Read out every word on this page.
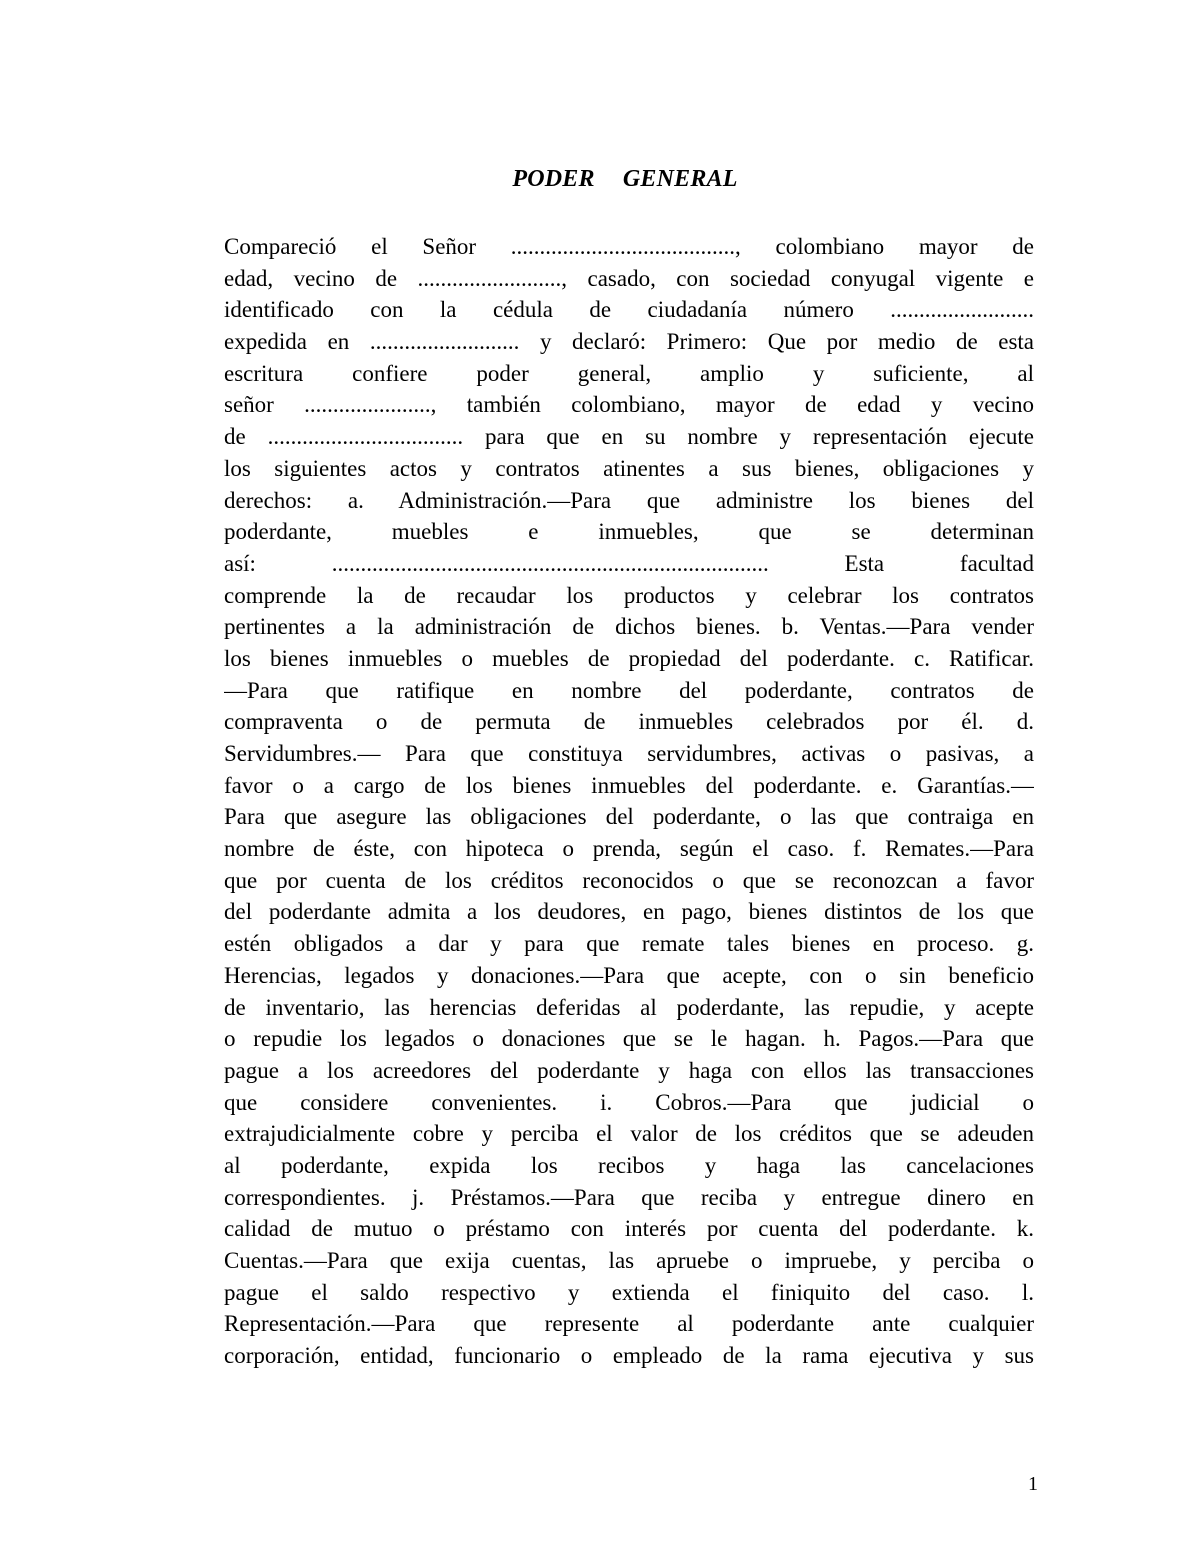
PODER GENERAL
Compareció el Señor ......................................., colombiano mayor de
edad, vecino de ........................., casado, con sociedad conyugal vigente e
identificado con la cédula de ciudadanía número .........................
expedida en .......................... y declaró: Primero: Que por medio de esta
escritura confiere poder general, amplio y suficiente, al
señor ......................, también colombiano, mayor de edad y vecino
de .................................. para que en su nombre y representación ejecute
los siguientes actos y contratos atinentes a sus bienes, obligaciones y
derechos: a. Administración.—Para que administre los bienes del
poderdante, muebles e inmuebles, que se determinan
así: ............................................................................ Esta facultad
comprende la de recaudar los productos y celebrar los contratos
pertinentes a la administración de dichos bienes. b. Ventas.—Para vender
los bienes inmuebles o muebles de propiedad del poderdante. c. Ratificar.
—Para que ratifique en nombre del poderdante, contratos de
compraventa o de permuta de inmuebles celebrados por él. d.
Servidumbres.— Para que constituya servidumbres, activas o pasivas, a
favor o a cargo de los bienes inmuebles del poderdante. e. Garantías.—
Para que asegure las obligaciones del poderdante, o las que contraiga en
nombre de éste, con hipoteca o prenda, según el caso. f. Remates.—Para
que por cuenta de los créditos reconocidos o que se reconozcan a favor
del poderdante admita a los deudores, en pago, bienes distintos de los que
estén obligados a dar y para que remate tales bienes en proceso. g.
Herencias, legados y donaciones.—Para que acepte, con o sin beneficio
de inventario, las herencias deferidas al poderdante, las repudie, y acepte
o repudie los legados o donaciones que se le hagan. h. Pagos.—Para que
pague a los acreedores del poderdante y haga con ellos las transacciones
que considere convenientes. i. Cobros.—Para que judicial o
extrajudicialmente cobre y perciba el valor de los créditos que se adeuden
al poderdante, expida los recibos y haga las cancelaciones
correspondientes. j. Préstamos.—Para que reciba y entregue dinero en
calidad de mutuo o préstamo con interés por cuenta del poderdante. k.
Cuentas.—Para que exija cuentas, las apruebe o impruebe, y perciba o
pague el saldo respectivo y extienda el finiquito del caso. l.
Representación.—Para que represente al poderdante ante cualquier
corporación, entidad, funcionario o empleado de la rama ejecutiva y sus
1
